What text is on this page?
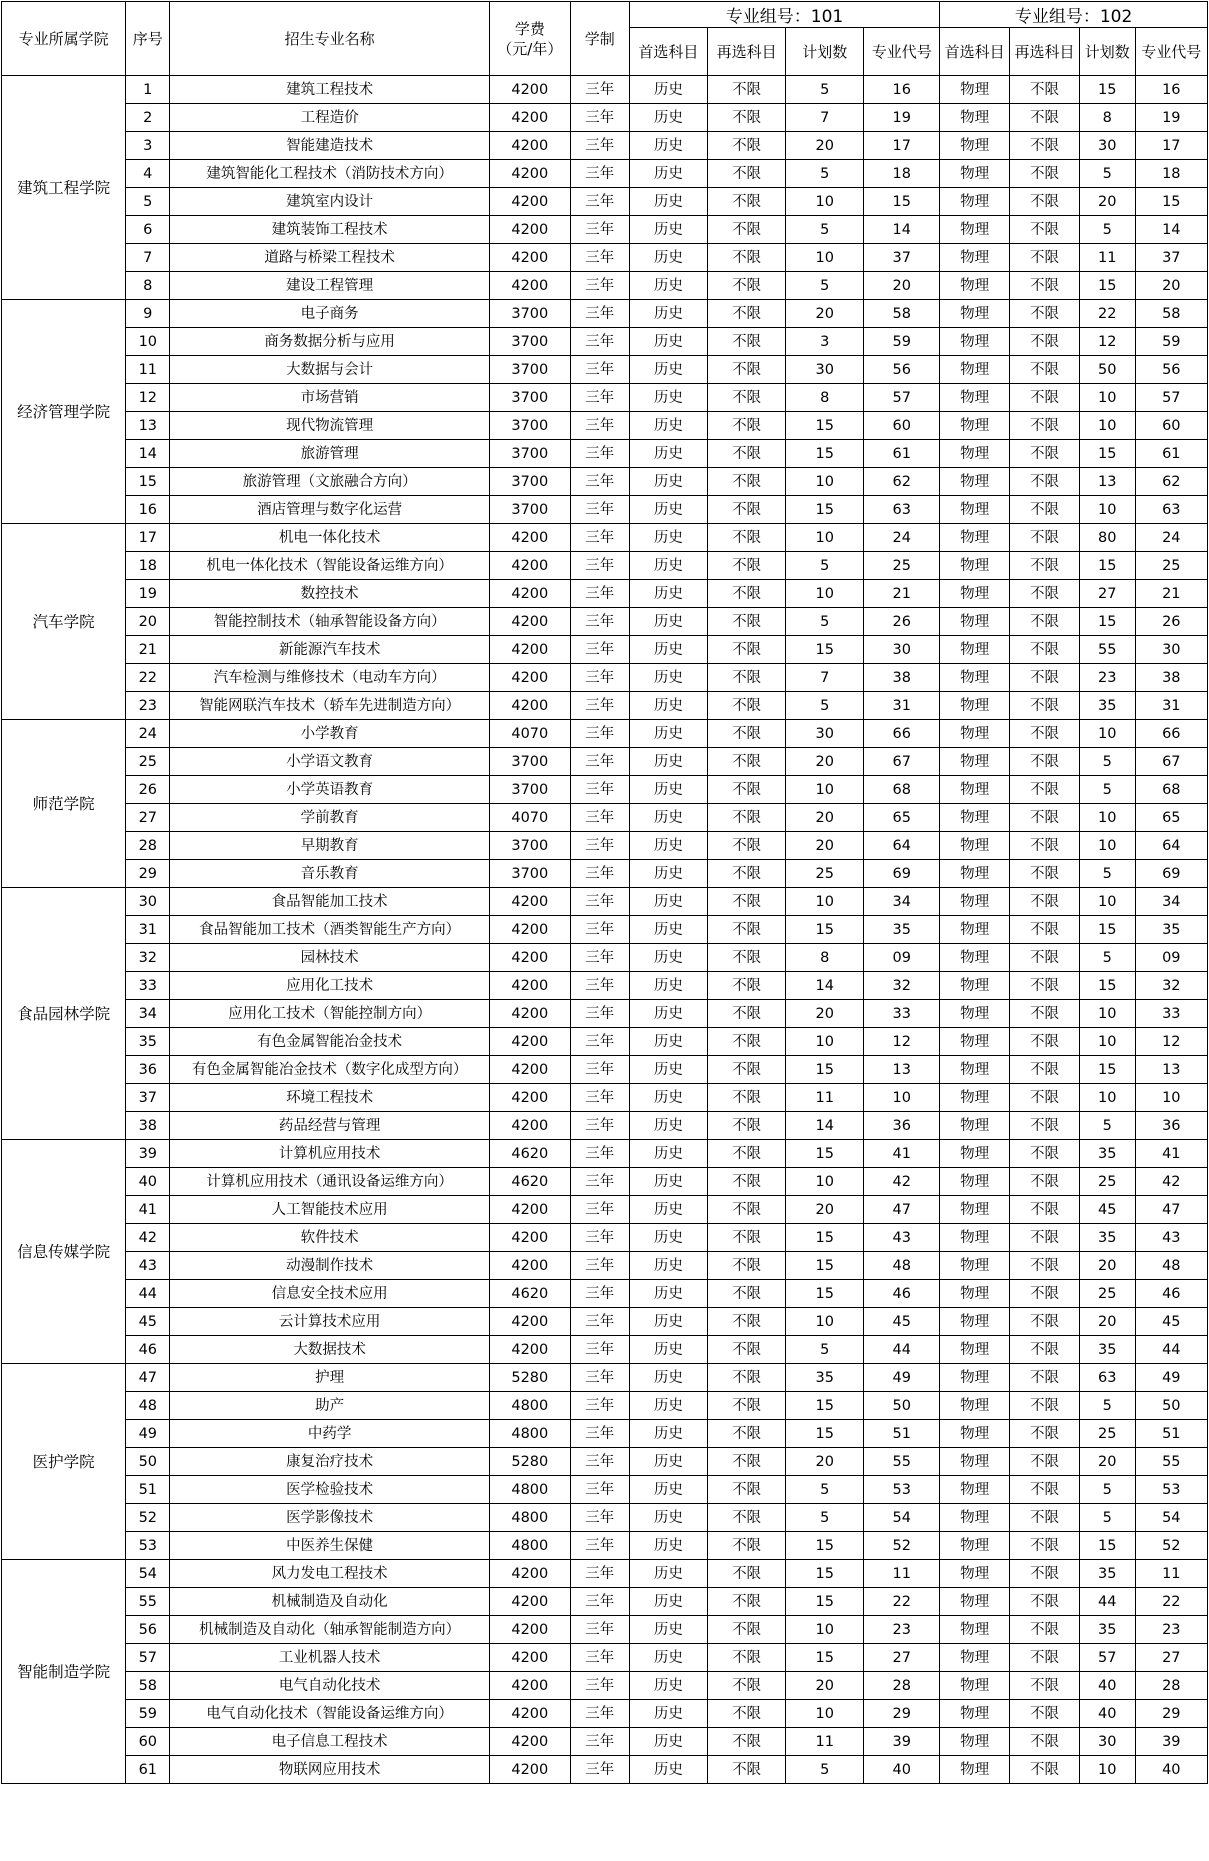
专业所属学院	序号	招生专业名称	学费
（元/年）	学制	专业组号：101				专业组号：102			
					首选科目	再选科目	计划数	专业代号	首选科目	再选科目	计划数	专业代号
建筑工程学院	1	建筑工程技术	4200	三年	历史	不限	5	16	物理	不限	15	16
	2	工程造价	4200	三年	历史	不限	7	19	物理	不限	8	19
	3	智能建造技术	4200	三年	历史	不限	20	17	物理	不限	30	17
	4	建筑智能化工程技术（消防技术方向）	4200	三年	历史	不限	5	18	物理	不限	5	18
	5	建筑室内设计	4200	三年	历史	不限	10	15	物理	不限	20	15
	6	建筑装饰工程技术	4200	三年	历史	不限	5	14	物理	不限	5	14
	7	道路与桥梁工程技术	4200	三年	历史	不限	10	37	物理	不限	11	37
	8	建设工程管理	4200	三年	历史	不限	5	20	物理	不限	15	20
经济管理学院	9	电子商务	3700	三年	历史	不限	20	58	物理	不限	22	58
	10	商务数据分析与应用	3700	三年	历史	不限	3	59	物理	不限	12	59
	11	大数据与会计	3700	三年	历史	不限	30	56	物理	不限	50	56
	12	市场营销	3700	三年	历史	不限	8	57	物理	不限	10	57
	13	现代物流管理	3700	三年	历史	不限	15	60	物理	不限	10	60
	14	旅游管理	3700	三年	历史	不限	15	61	物理	不限	15	61
	15	旅游管理（文旅融合方向）	3700	三年	历史	不限	10	62	物理	不限	13	62
	16	酒店管理与数字化运营	3700	三年	历史	不限	15	63	物理	不限	10	63
汽车学院	17	机电一体化技术	4200	三年	历史	不限	10	24	物理	不限	80	24
	18	机电一体化技术（智能设备运维方向）	4200	三年	历史	不限	5	25	物理	不限	15	25
	19	数控技术	4200	三年	历史	不限	10	21	物理	不限	27	21
	20	智能控制技术（轴承智能设备方向）	4200	三年	历史	不限	5	26	物理	不限	15	26
	21	新能源汽车技术	4200	三年	历史	不限	15	30	物理	不限	55	30
	22	汽车检测与维修技术（电动车方向）	4200	三年	历史	不限	7	38	物理	不限	23	38
	23	智能网联汽车技术（轿车先进制造方向）	4200	三年	历史	不限	5	31	物理	不限	35	31
师范学院	24	小学教育	4070	三年	历史	不限	30	66	物理	不限	10	66
	25	小学语文教育	3700	三年	历史	不限	20	67	物理	不限	5	67
	26	小学英语教育	3700	三年	历史	不限	10	68	物理	不限	5	68
	27	学前教育	4070	三年	历史	不限	20	65	物理	不限	10	65
	28	早期教育	3700	三年	历史	不限	20	64	物理	不限	10	64
	29	音乐教育	3700	三年	历史	不限	25	69	物理	不限	5	69
食品园林学院	30	食品智能加工技术	4200	三年	历史	不限	10	34	物理	不限	10	34
	31	食品智能加工技术（酒类智能生产方向）	4200	三年	历史	不限	15	35	物理	不限	15	35
	32	园林技术	4200	三年	历史	不限	8	09	物理	不限	5	09
	33	应用化工技术	4200	三年	历史	不限	14	32	物理	不限	15	32
	34	应用化工技术（智能控制方向）	4200	三年	历史	不限	20	33	物理	不限	10	33
	35	有色金属智能冶金技术	4200	三年	历史	不限	10	12	物理	不限	10	12
	36	有色金属智能冶金技术（数字化成型方向）	4200	三年	历史	不限	15	13	物理	不限	15	13
	37	环境工程技术	4200	三年	历史	不限	11	10	物理	不限	10	10
	38	药品经营与管理	4200	三年	历史	不限	14	36	物理	不限	5	36
信息传媒学院	39	计算机应用技术	4620	三年	历史	不限	15	41	物理	不限	35	41
	40	计算机应用技术（通讯设备运维方向）	4620	三年	历史	不限	10	42	物理	不限	25	42
	41	人工智能技术应用	4200	三年	历史	不限	20	47	物理	不限	45	47
	42	软件技术	4200	三年	历史	不限	15	43	物理	不限	35	43
	43	动漫制作技术	4200	三年	历史	不限	15	48	物理	不限	20	48
	44	信息安全技术应用	4620	三年	历史	不限	15	46	物理	不限	25	46
	45	云计算技术应用	4200	三年	历史	不限	10	45	物理	不限	20	45
	46	大数据技术	4200	三年	历史	不限	5	44	物理	不限	35	44
医护学院	47	护理	5280	三年	历史	不限	35	49	物理	不限	63	49
	48	助产	4800	三年	历史	不限	15	50	物理	不限	5	50
	49	中药学	4800	三年	历史	不限	15	51	物理	不限	25	51
	50	康复治疗技术	5280	三年	历史	不限	20	55	物理	不限	20	55
	51	医学检验技术	4800	三年	历史	不限	5	53	物理	不限	5	53
	52	医学影像技术	4800	三年	历史	不限	5	54	物理	不限	5	54
	53	中医养生保健	4800	三年	历史	不限	15	52	物理	不限	15	52
智能制造学院	54	风力发电工程技术	4200	三年	历史	不限	15	11	物理	不限	35	11
	55	机械制造及自动化	4200	三年	历史	不限	15	22	物理	不限	44	22
	56	机械制造及自动化（轴承智能制造方向）	4200	三年	历史	不限	10	23	物理	不限	35	23
	57	工业机器人技术	4200	三年	历史	不限	15	27	物理	不限	57	27
	58	电气自动化技术	4200	三年	历史	不限	20	28	物理	不限	40	28
	59	电气自动化技术（智能设备运维方向）	4200	三年	历史	不限	10	29	物理	不限	40	29
	60	电子信息工程技术	4200	三年	历史	不限	11	39	物理	不限	30	39
	61	物联网应用技术	4200	三年	历史	不限	5	40	物理	不限	10	40
